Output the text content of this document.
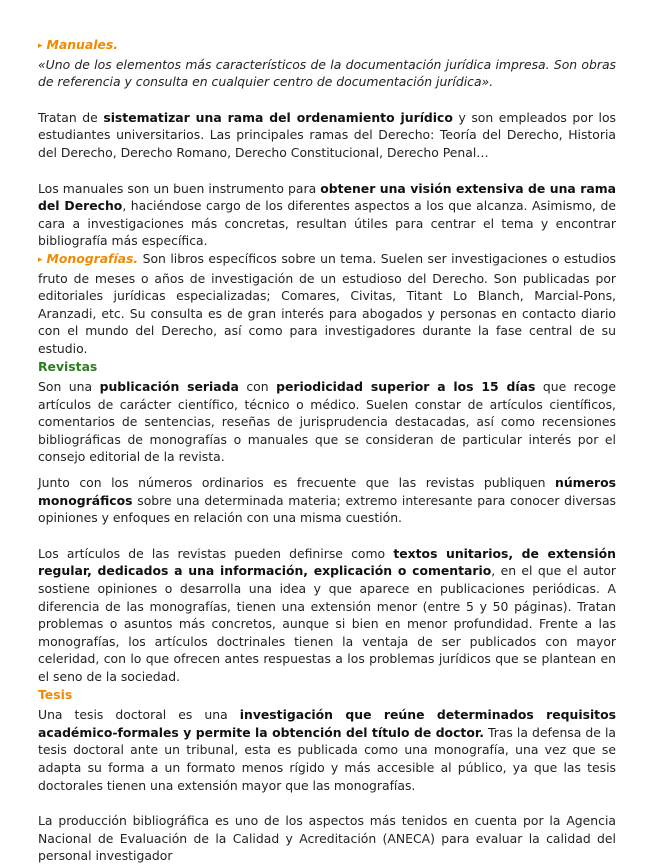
▸ Manuales.

«Uno de los elementos más característicos de la documentación jurídica impresa. Son obras de referencia y consulta en cualquier centro de documentación jurídica».

Tratan de sistematizar una rama del ordenamiento jurídico y son empleados por los estudiantes universitarios. Las principales ramas del Derecho: Teoría del Derecho, Historia del Derecho, Derecho Romano, Derecho Constitucional, Derecho Penal…

Los manuales son un buen instrumento para obtener una visión extensiva de una rama del Derecho, haciéndose cargo de los diferentes aspectos a los que alcanza. Asimismo, de cara a investigaciones más concretas, resultan útiles para centrar el tema y encontrar bibliografía más específica.

▸ Monografías. Son libros específicos sobre un tema. Suelen ser investigaciones o estudios fruto de meses o años de investigación de un estudioso del Derecho. Son publicadas por editoriales jurídicas especializadas; Comares, Civitas, Titant Lo Blanch, Marcial-Pons, Aranzadi, etc. Su consulta es de gran interés para abogados y personas en contacto diario con el mundo del Derecho, así como para investigadores durante la fase central de su estudio.

Revistas

Son una publicación seriada con periodicidad superior a los 15 días que recoge artículos de carácter científico, técnico o médico. Suelen constar de artículos científicos, comentarios de sentencias, reseñas de jurisprudencia destacadas, así como recensiones bibliográficas de monografías o manuales que se consideran de particular interés por el consejo editorial de la revista.

Junto con los números ordinarios es frecuente que las revistas publiquen números monográficos sobre una determinada materia; extremo interesante para conocer diversas opiniones y enfoques en relación con una misma cuestión.

Los artículos de las revistas pueden definirse como textos unitarios, de extensión regular, dedicados a una información, explicación o comentario, en el que el autor sostiene opiniones o desarrolla una idea y que aparece en publicaciones periódicas. A diferencia de las monografías, tienen una extensión menor (entre 5 y 50 páginas). Tratan problemas o asuntos más concretos, aunque si bien en menor profundidad. Frente a las monografías, los artículos doctrinales tienen la ventaja de ser publicados con mayor celeridad, con lo que ofrecen antes respuestas a los problemas jurídicos que se plantean en el seno de la sociedad.

Tesis

Una tesis doctoral es una investigación que reúne determinados requisitos académico-formales y permite la obtención del título de doctor. Tras la defensa de la tesis doctoral ante un tribunal, esta es publicada como una monografía, una vez que se adapta su forma a un formato menos rígido y más accesible al público, ya que las tesis doctorales tienen una extensión mayor que las monografías.

La producción bibliográfica es uno de los aspectos más tenidos en cuenta por la Agencia Nacional de Evaluación de la Calidad y Acreditación (ANECA) para evaluar la calidad del personal investigador
